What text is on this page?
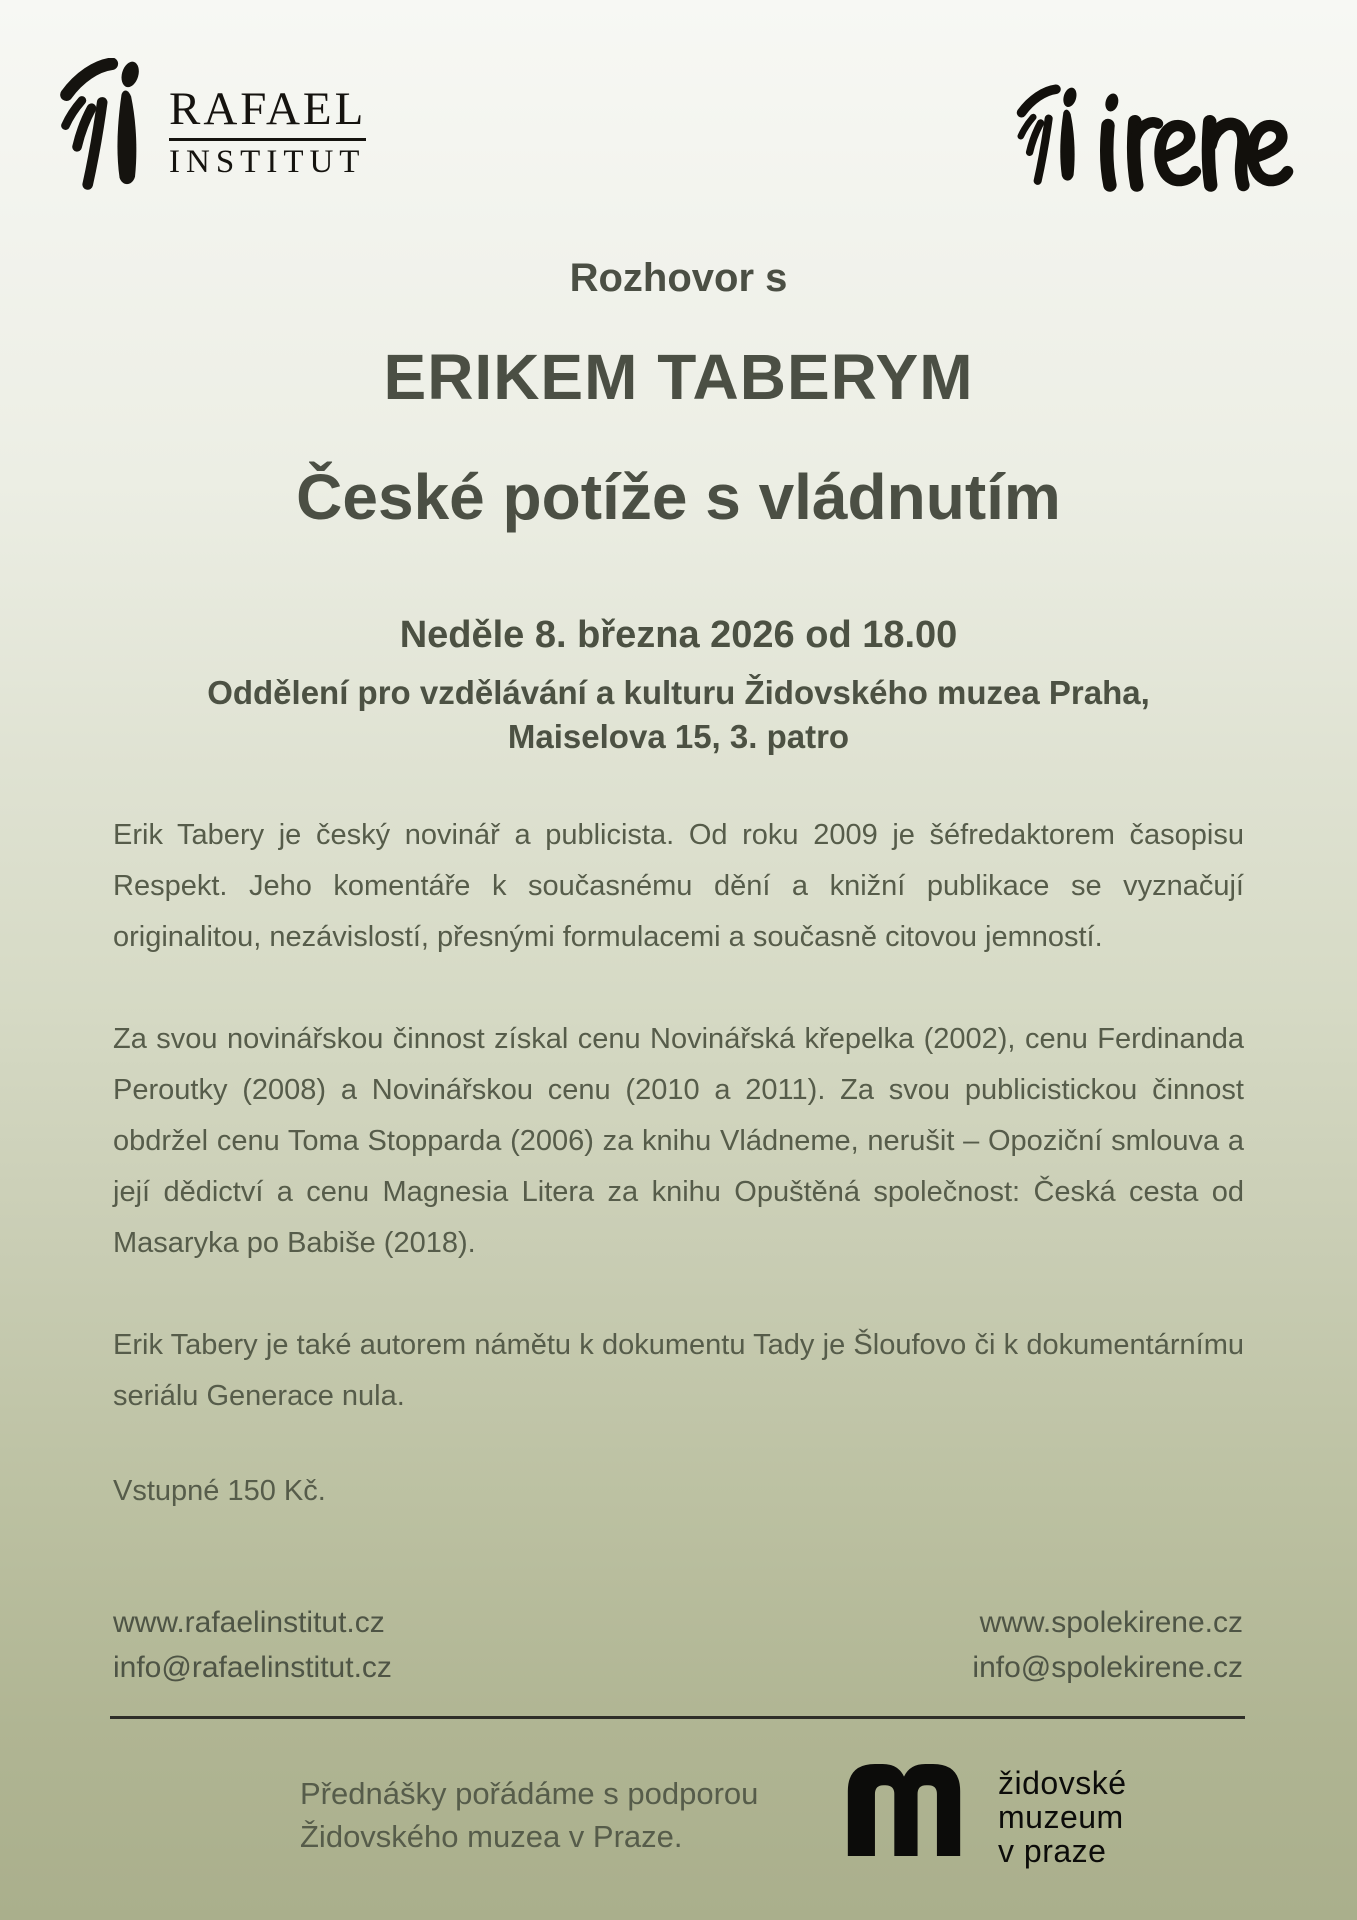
RAFAEL
INSTITUT
Rozhovor s
ERIKEM TABERYM
České potíže s vládnutím
Neděle 8. března 2026 od 18.00
Oddělení pro vzdělávání a kulturu Židovského muzea Praha,
Maiselova 15, 3. patro
Erik Tabery je český novinář a publicista. Od roku 2009 je šéfredaktorem časopisu Respekt. Jeho komentáře k současnému dění a knižní publikace se vyznačují originalitou, nezávislostí, přesnými formulacemi a současně citovou jemností.
Za svou novinářskou činnost získal cenu Novinářská křepelka (2002), cenu Ferdinanda Peroutky (2008) a Novinářskou cenu (2010 a 2011). Za svou publicistickou činnost obdržel cenu Toma Stopparda (2006) za knihu Vládneme, nerušit – Opoziční smlouva a její dědictví a cenu Magnesia Litera za knihu Opuštěná společnost: Česká cesta od Masaryka po Babiše (2018).
Erik Tabery je také autorem námětu k dokumentu Tady je Šloufovo či k dokumentárnímu seriálu Generace nula.
Vstupné 150 Kč.
www.rafaelinstitut.cz
info@rafaelinstitut.cz
www.spolekirene.cz
info@spolekirene.cz
Přednášky pořádáme s podporou
Židovského muzea v Praze.
židovské
muzeum
v praze
